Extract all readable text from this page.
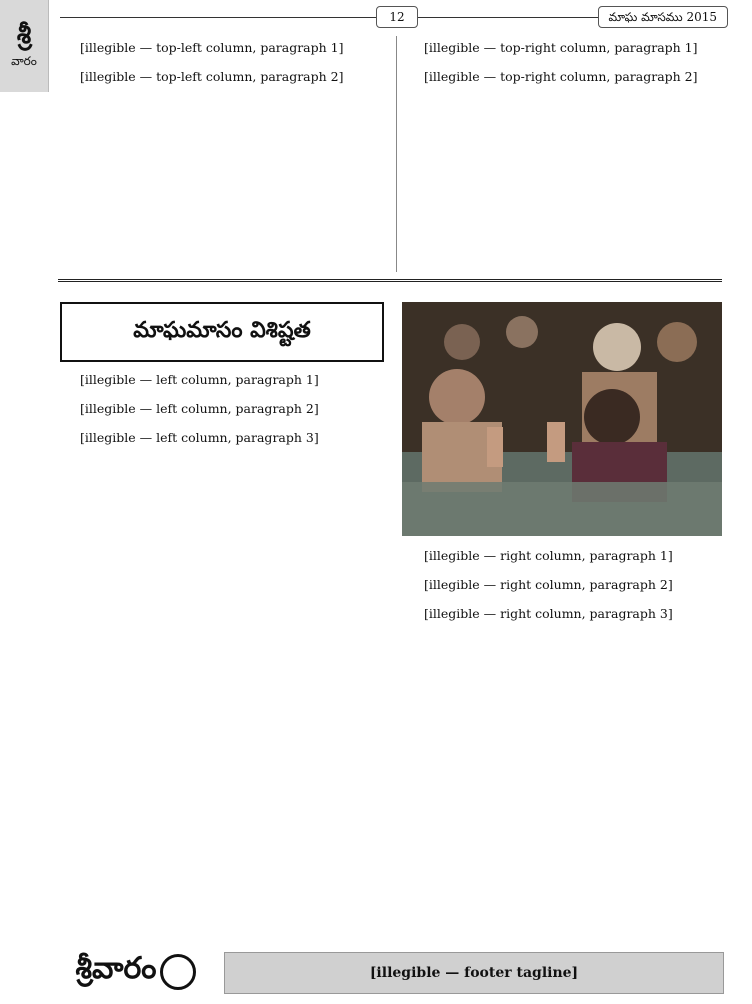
శ్రీ
వారం
12	మాఘ మాసము 2015

[illegible — top-left column, paragraph 1]

[illegible — top-left column, paragraph 2]

[illegible — top-right column, paragraph 1]

[illegible — top-right column, paragraph 2]

మాఘమాసం విశిష్టత

[illegible — left column, paragraph 1]

[illegible — left column, paragraph 2]

[illegible — left column, paragraph 3]

[illegible — right column, paragraph 1]

[illegible — right column, paragraph 2]

[illegible — right column, paragraph 3]

శ్రీవారం	[illegible — footer tagline]
